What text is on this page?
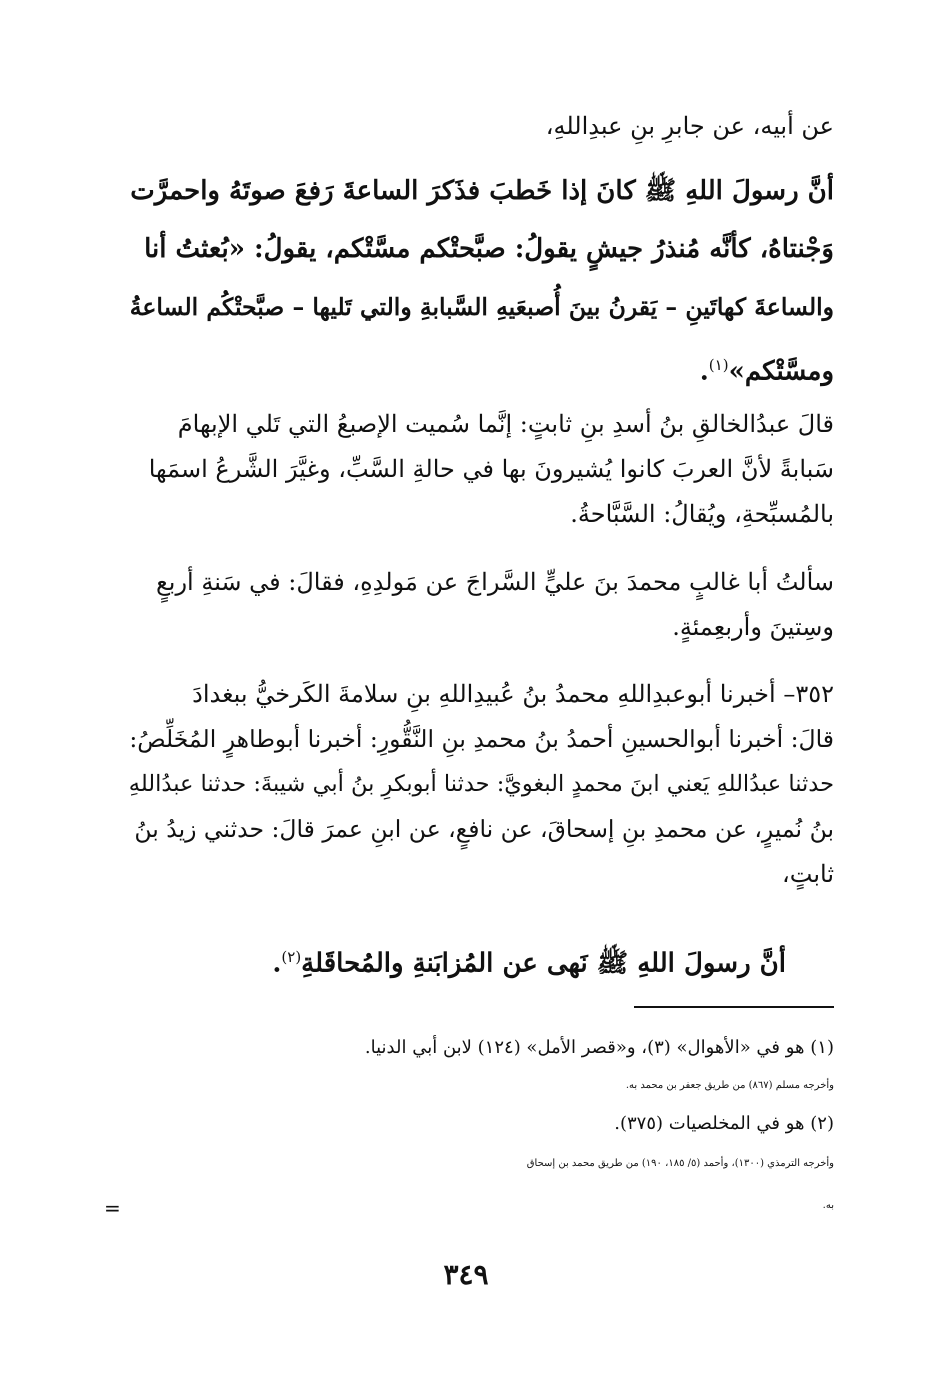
عن أبيه، عن جابرِ بنِ عبدِاللهِ،
أنَّ رسولَ اللهِ ﷺ كانَ إذا خَطبَ فذَكرَ الساعةَ رَفعَ صوتَهُ واحمرَّت
وَجْنتاهُ، كأنَّه مُنذرُ جيشٍ يقولُ: صبَّحتْكم مسَّتْكم، يقولُ: «بُعثتُ أنا
والساعةَ كهاتَينِ – يَقرنُ بينَ أُصبعَيهِ السَّبابةِ والتي تَليها – صبَّحتْكُم الساعةُ
ومسَّتْكم»$^{(١)}$.
قالَ عبدُالخالقِ بنُ أسدِ بنِ ثابتٍ: إنَّما سُميت الإصبعُ التي تَلي الإبهامَ
سَبابةً لأنَّ العربَ كانوا يُشيرونَ بها في حالةِ السَّبِّ، وغيَّرَ الشَّرعُ اسمَها
بالمُسبِّحةِ، ويُقالُ: السَّبَّاحةُ.
سألتُ أبا غالبٍ محمدَ بنَ عليٍّ السَّراجَ عن مَولدِهِ، فقالَ: في سَنةِ أربعٍ
وسِتينَ وأربعِمئةٍ.
٣٥٢– أخبرنا أبوعبدِاللهِ محمدُ بنُ عُبيدِاللهِ بنِ سلامةَ الكَرخيُّ ببغدادَ
قالَ: أخبرنا أبوالحسينِ أحمدُ بنُ محمدِ بنِ النَّقُّورِ: أخبرنا أبوطاهرٍ المُخَلِّصُ:
حدثنا عبدُاللهِ يَعني ابنَ محمدٍ البغويَّ: حدثنا أبوبكرِ بنُ أبي شيبةَ: حدثنا عبدُاللهِ
بنُ نُميرٍ، عن محمدِ بنِ إسحاقَ، عن نافعٍ، عن ابنِ عمرَ قالَ: حدثني زيدُ بنُ
ثابتٍ،
أنَّ رسولَ اللهِ ﷺ نَهى عن المُزابَنةِ والمُحاقَلةِ$^{(٢)}$.
(١) هو في «الأهوال» (٣)، و«قصر الأمل» (١٢٤) لابن أبي الدنيا.
وأخرجه مسلم (٨٦٧) من طريق جعفر بن محمد به.
(٢) هو في المخلصيات (٣٧٥).
وأخرجه الترمذي (١٣٠٠)، وأحمد (٥/ ١٨٥، ١٩٠) من طريق محمد بن إسحاق
به.
=
٣٤٩
